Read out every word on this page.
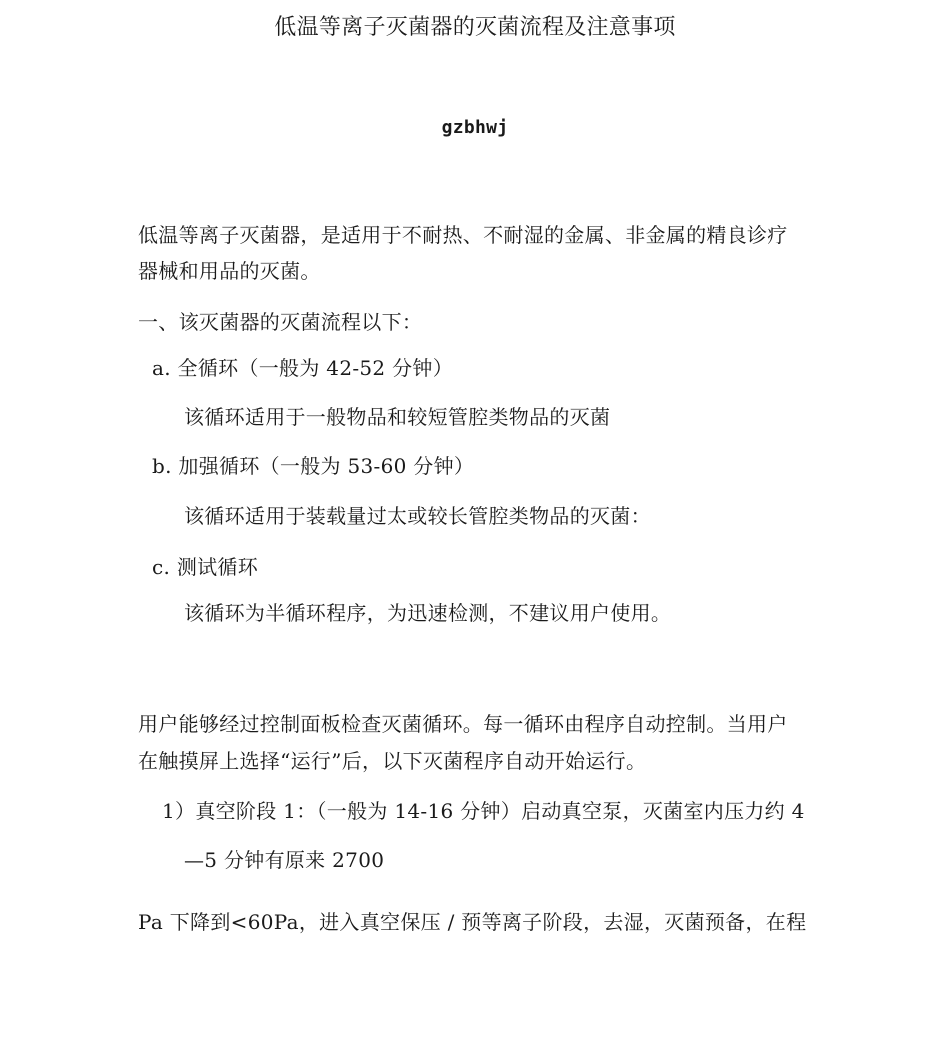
低温等离子灭菌器的灭菌流程及注意事项
gzbhwj
低温等离子灭菌器，是适用于不耐热、不耐湿的金属、非金属的精良诊疗
器械和用品的灭菌。
一、该灭菌器的灭菌流程以下：
a. 全循环（一般为 42-52 分钟）
该循环适用于一般物品和较短管腔类物品的灭菌
b. 加强循环（一般为 53-60 分钟）
该循环适用于装载量过太或较长管腔类物品的灭菌：
c. 测试循环
该循环为半循环程序，为迅速检测，不建议用户使用。
用户能够经过控制面板检查灭菌循环。每一循环由程序自动控制。当用户
在触摸屏上选择“运行”后，以下灭菌程序自动开始运行。
1）真空阶段 1：（一般为 14-16 分钟）启动真空泵，灭菌室内压力约 4
—5 分钟有原来 2700
Pa 下降到<60Pa，进入真空保压 / 预等离子阶段，去湿，灭菌预备，在程
